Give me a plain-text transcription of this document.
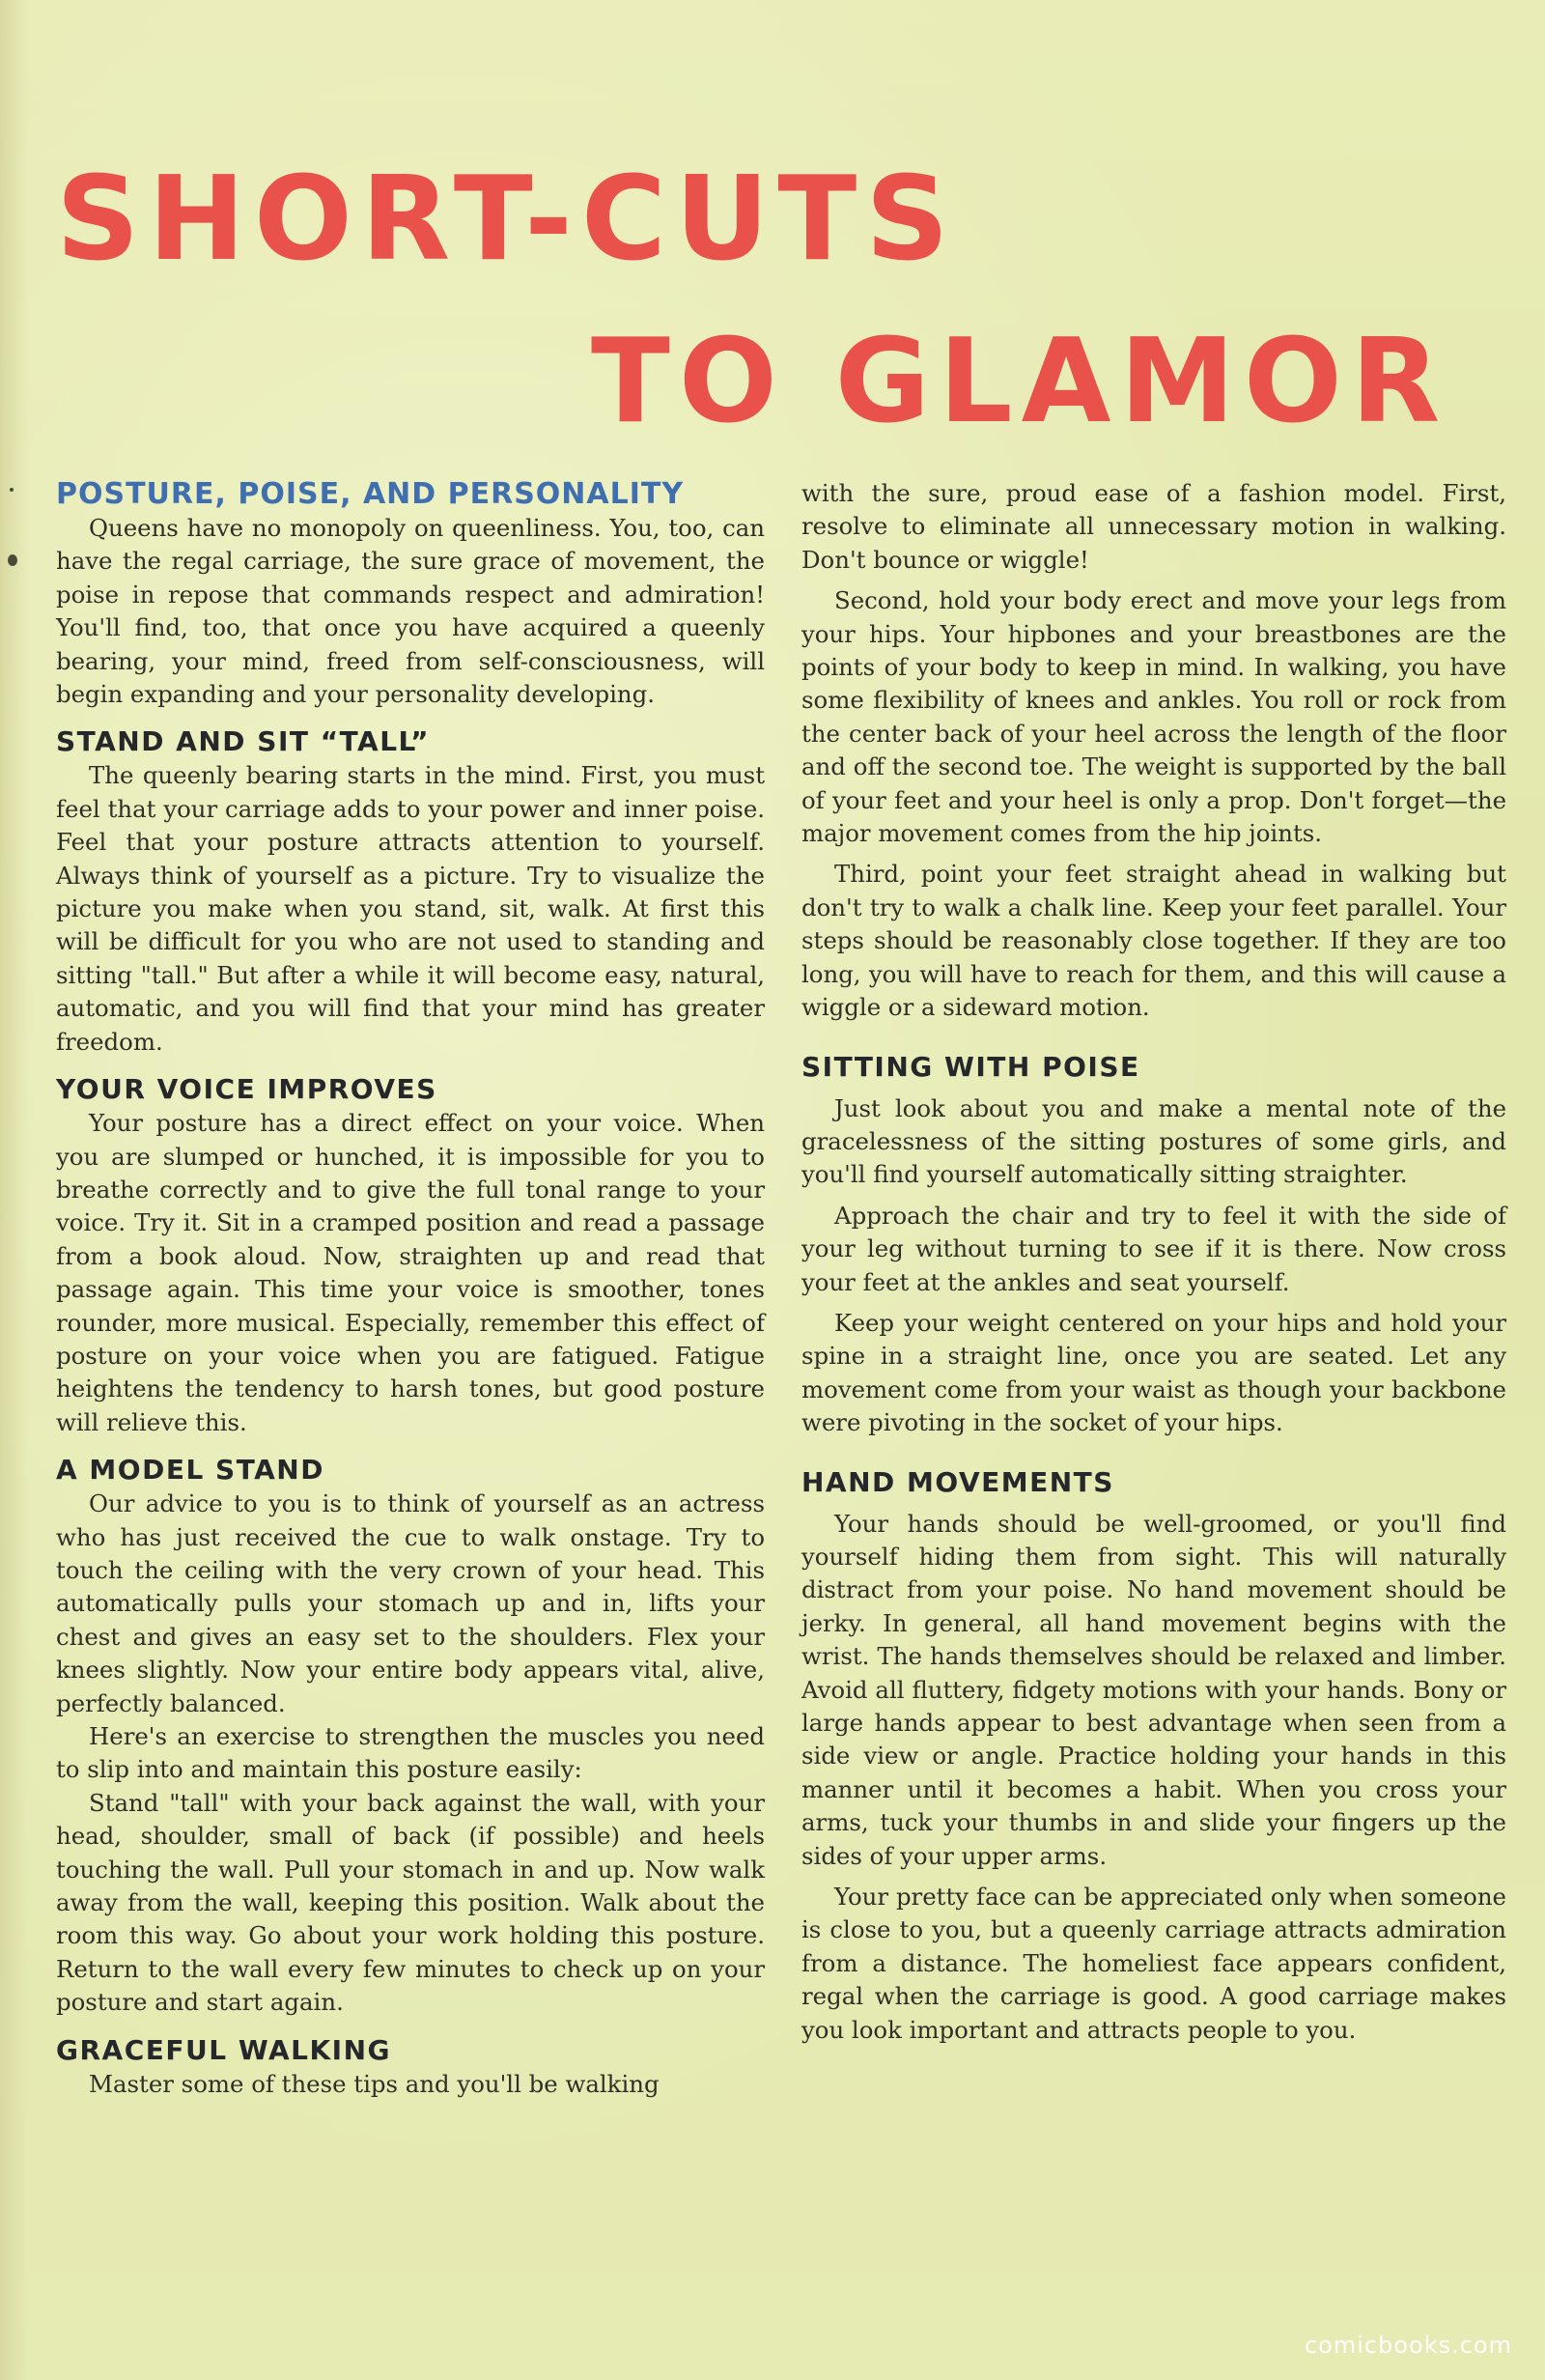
SHORT-CUTS
TO GLAMOR
POSTURE, POISE, AND PERSONALITY

Queens have no monopoly on queenliness. You, too, can have the regal carriage, the sure grace of movement, the poise in repose that commands respect and admiration! You'll find, too, that once you have acquired a queenly bearing, your mind, freed from self-consciousness, will begin expanding and your personality developing.

STAND AND SIT “TALL”

The queenly bearing starts in the mind. First, you must feel that your carriage adds to your power and inner poise. Feel that your posture attracts attention to yourself. Always think of yourself as a picture. Try to visualize the picture you make when you stand, sit, walk. At first this will be difficult for you who are not used to standing and sitting "tall." But after a while it will become easy, natural, automatic, and you will find that your mind has greater freedom.

YOUR VOICE IMPROVES

Your posture has a direct effect on your voice. When you are slumped or hunched, it is impossible for you to breathe correctly and to give the full tonal range to your voice. Try it. Sit in a cramped position and read a passage from a book aloud. Now, straighten up and read that passage again. This time your voice is smoother, tones rounder, more musical. Especially, remember this effect of posture on your voice when you are fatigued. Fatigue heightens the tendency to harsh tones, but good posture will relieve this.

A MODEL STAND

Our advice to you is to think of yourself as an actress who has just received the cue to walk onstage. Try to touch the ceiling with the very crown of your head. This automatically pulls your stomach up and in, lifts your chest and gives an easy set to the shoulders. Flex your knees slightly. Now your entire body appears vital, alive, perfectly balanced.

Here's an exercise to strengthen the muscles you need to slip into and maintain this posture easily:

Stand "tall" with your back against the wall, with your head, shoulder, small of back (if possible) and heels touching the wall. Pull your stomach in and up. Now walk away from the wall, keeping this position. Walk about the room this way. Go about your work holding this posture. Return to the wall every few minutes to check up on your posture and start again.

GRACEFUL WALKING

Master some of these tips and you'll be walking

with the sure, proud ease of a fashion model. First, resolve to eliminate all unnecessary motion in walking. Don't bounce or wiggle!

Second, hold your body erect and move your legs from your hips. Your hipbones and your breastbones are the points of your body to keep in mind. In walking, you have some flexibility of knees and ankles. You roll or rock from the center back of your heel across the length of the floor and off the second toe. The weight is supported by the ball of your feet and your heel is only a prop. Don't forget—the major movement comes from the hip joints.

Third, point your feet straight ahead in walking but don't try to walk a chalk line. Keep your feet parallel. Your steps should be reasonably close together. If they are too long, you will have to reach for them, and this will cause a wiggle or a sideward motion.

SITTING WITH POISE

Just look about you and make a mental note of the gracelessness of the sitting postures of some girls, and you'll find yourself automatically sitting straighter.

Approach the chair and try to feel it with the side of your leg without turning to see if it is there. Now cross your feet at the ankles and seat yourself.

Keep your weight centered on your hips and hold your spine in a straight line, once you are seated. Let any movement come from your waist as though your backbone were pivoting in the socket of your hips.

HAND MOVEMENTS

Your hands should be well-groomed, or you'll find yourself hiding them from sight. This will naturally distract from your poise. No hand movement should be jerky. In general, all hand movement begins with the wrist. The hands themselves should be relaxed and limber. Avoid all fluttery, fidgety motions with your hands. Bony or large hands appear to best advantage when seen from a side view or angle. Practice holding your hands in this manner until it becomes a habit. When you cross your arms, tuck your thumbs in and slide your fingers up the sides of your upper arms.

Your pretty face can be appreciated only when someone is close to you, but a queenly carriage attracts admiration from a distance. The homeliest face appears confident, regal when the carriage is good. A good carriage makes you look important and attracts people to you.

comicbooks.com
